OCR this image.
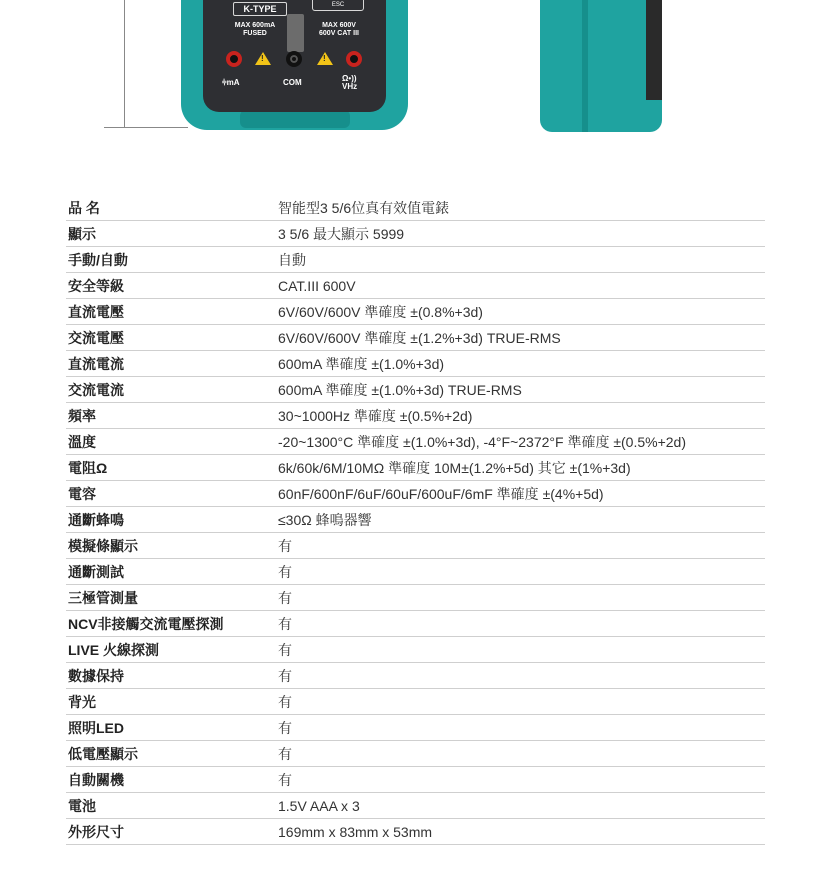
K-TYPE	ESC
MAX 600mA
FUSED
MAX 600V
600V CAT III
!
!
⫩mA	COM	Ω•))
VHz
品 名	智能型3 5/6位真有效值電錶
顯示	3 5/6 最大顯示 5999
手動/自動	自動
安全等級	CAT.III 600V
直流電壓	6V/60V/600V 準確度 ±(0.8%+3d)
交流電壓	6V/60V/600V 準確度 ±(1.2%+3d) TRUE-RMS
直流電流	600mA 準確度 ±(1.0%+3d)
交流電流	600mA 準確度 ±(1.0%+3d) TRUE-RMS
頻率	30~1000Hz 準確度 ±(0.5%+2d)
溫度	-20~1300°C 準確度 ±(1.0%+3d), -4°F~2372°F 準確度 ±(0.5%+2d)
電阻Ω	6k/60k/6M/10MΩ 準確度 10M±(1.2%+5d) 其它 ±(1%+3d)
電容	60nF/600nF/6uF/60uF/600uF/6mF 準確度 ±(4%+5d)
通斷蜂鳴	≤30Ω 蜂鳴器響
模擬條顯示	有
通斷測試	有
三極管測量	有
NCV非接觸交流電壓探測	有
LIVE 火線探測	有
數據保持	有
背光	有
照明LED	有
低電壓顯示	有
自動關機	有
電池	1.5V AAA x 3
外形尺寸	169mm x 83mm x 53mm
